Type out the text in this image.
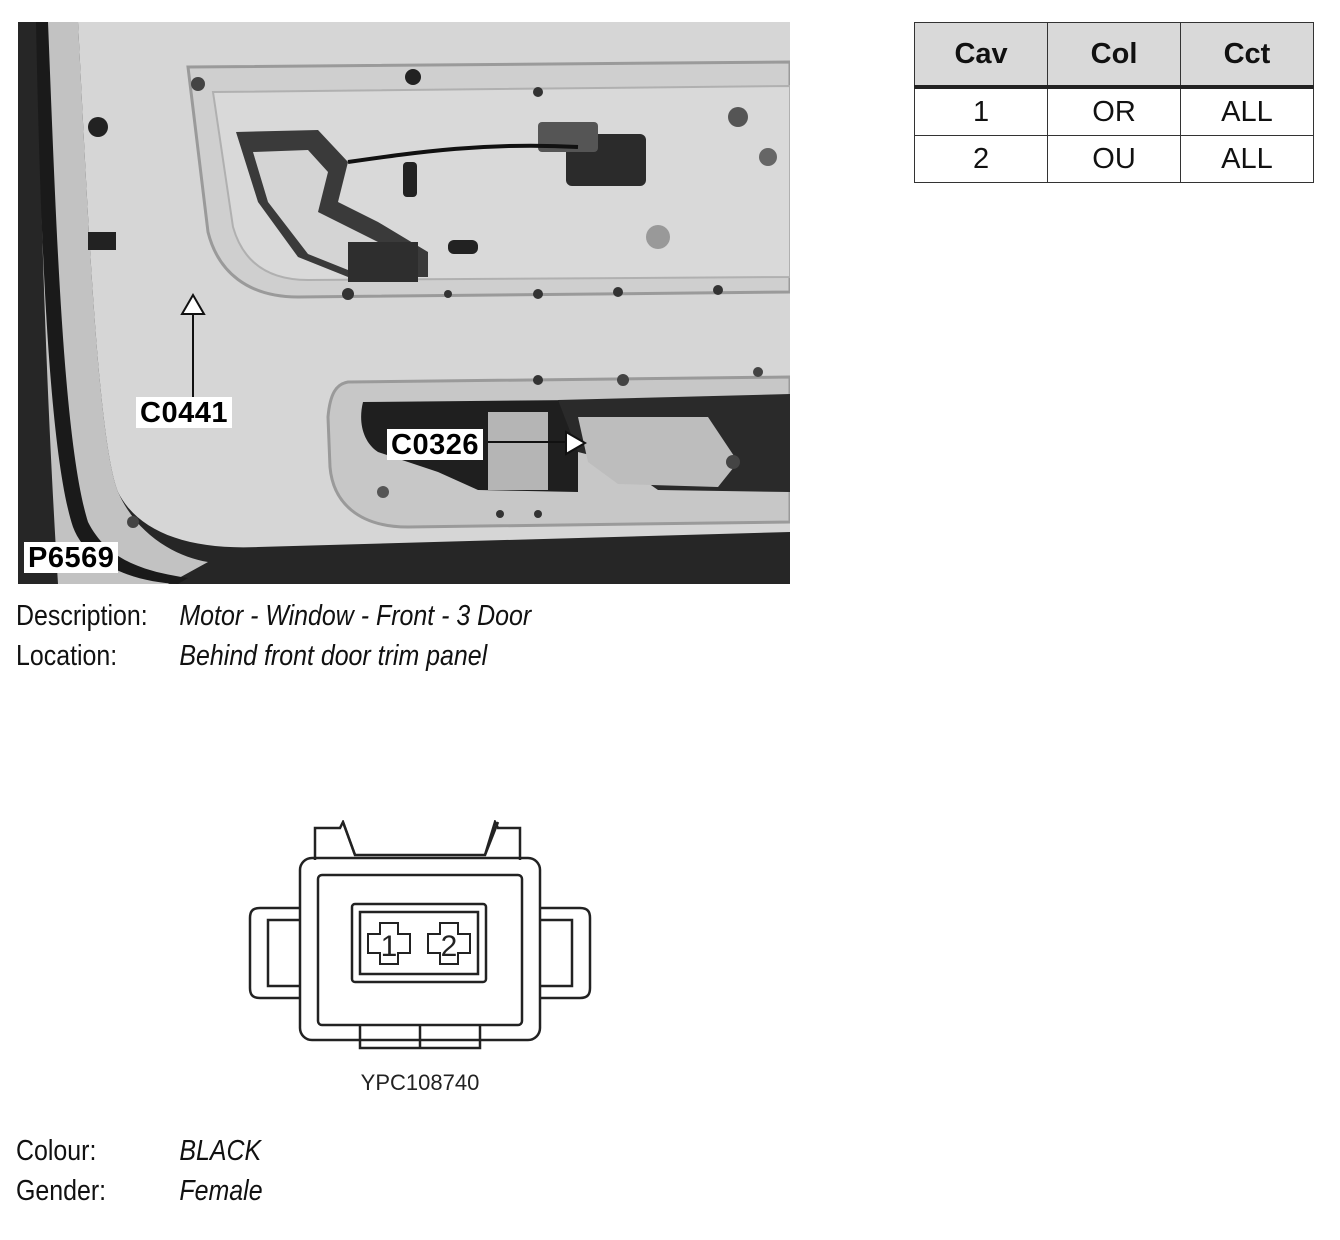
C0441
C0326
P6569
Cav	Col	Cct
1	OR	ALL
2	OU	ALL
Description:	Motor - Window - Front - 3 Door
Location:	Behind front door trim panel
1 2
YPC108740
Colour:	BLACK
Gender:	Female
